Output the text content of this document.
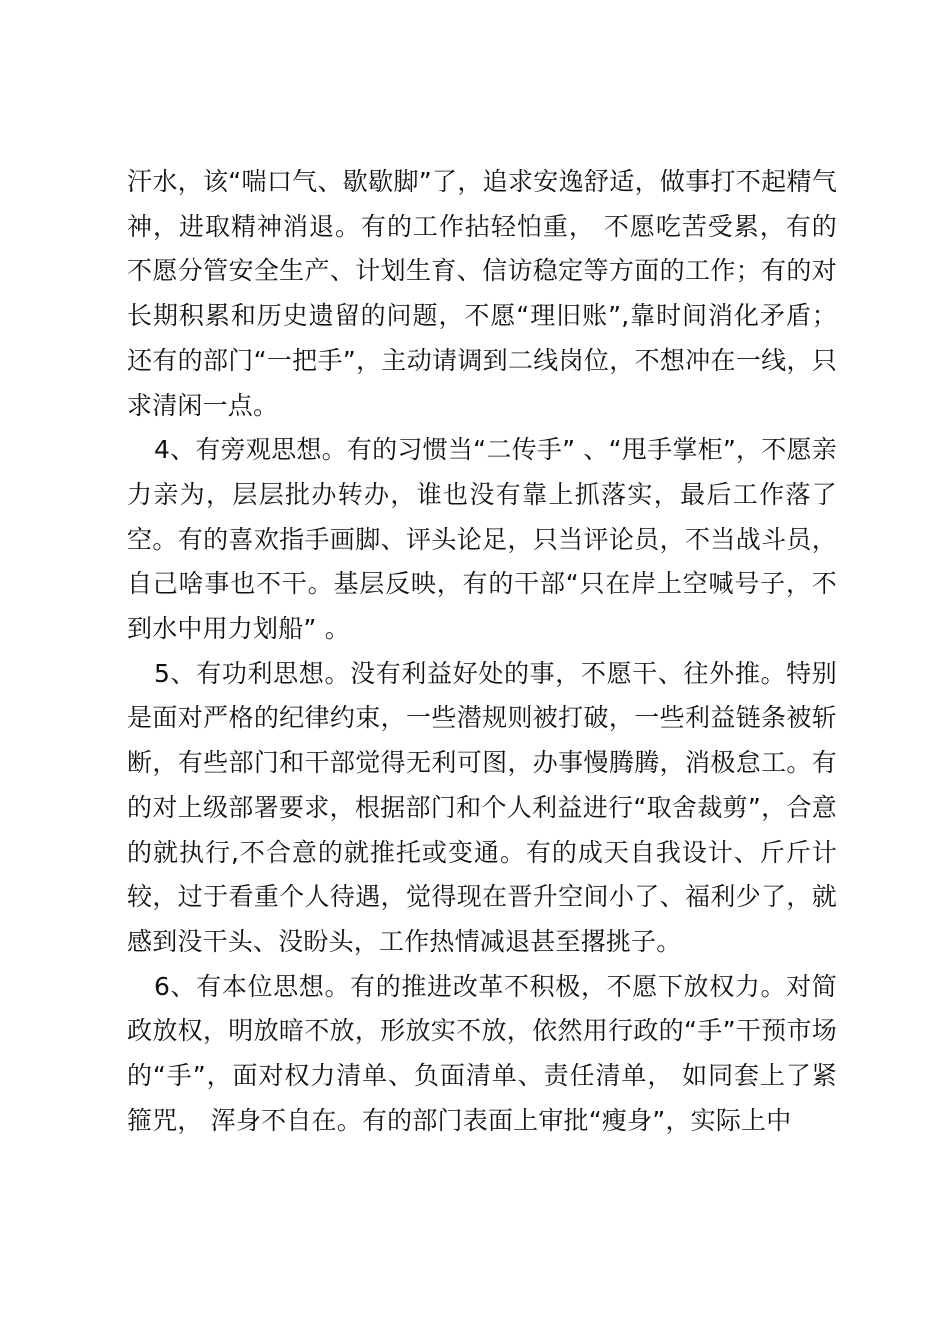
汗水，该“喘口气、歇歇脚”了，追求安逸舒适，做事打不起精气神，进取精神消退。有的工作拈轻怕重， 不愿吃苦受累，有的不愿分管安全生产、计划生育、信访稳定等方面的工作；有的对长期积累和历史遗留的问题，不愿“理旧账”,靠时间消化矛盾；还有的部门“一把手”，主动请调到二线岗位，不想冲在一线，只求清闲一点。

4、有旁观思想。有的习惯当“二传手” 、“甩手掌柜”，不愿亲力亲为，层层批办转办，谁也没有靠上抓落实，最后工作落了空。有的喜欢指手画脚、评头论足，只当评论员，不当战斗员，自己啥事也不干。基层反映，有的干部“只在岸上空喊号子，不到水中用力划船” 。

5、有功利思想。没有利益好处的事，不愿干、往外推。特别是面对严格的纪律约束，一些潜规则被打破，一些利益链条被斩断，有些部门和干部觉得无利可图，办事慢腾腾，消极怠工。有的对上级部署要求，根据部门和个人利益进行“取舍裁剪”，合意的就执行,不合意的就推托或变通。有的成天自我设计、斤斤计较，过于看重个人待遇，觉得现在晋升空间小了、福利少了，就感到没干头、没盼头，工作热情减退甚至撂挑子。

6、有本位思想。有的推进改革不积极，不愿下放权力。对简政放权，明放暗不放，形放实不放，依然用行政的“手”干预市场的“手”，面对权力清单、负面清单、责任清单， 如同套上了紧箍咒， 浑身不自在。有的部门表面上审批“瘦身”，实际上中
